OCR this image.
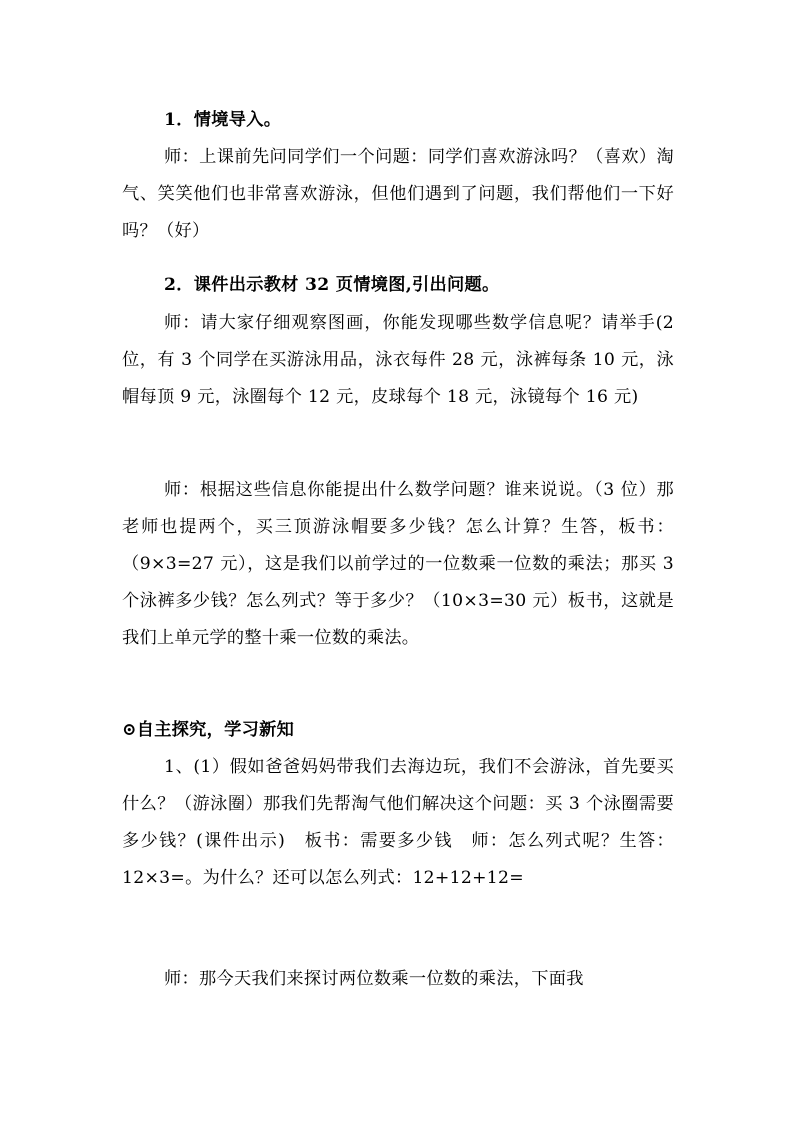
1．情境导入。

师：上课前先问同学们一个问题：同学们喜欢游泳吗？（喜欢）淘气、笑笑他们也非常喜欢游泳，但他们遇到了问题，我们帮他们一下好吗？（好）

2．课件出示教材 32 页情境图,引出问题。

师：请大家仔细观察图画，你能发现哪些数学信息呢？请举手(2 位，有 3 个同学在买游泳用品，泳衣每件 28 元，泳裤每条 10 元，泳帽每顶 9 元，泳圈每个 12 元，皮球每个 18 元，泳镜每个 16 元)

师：根据这些信息你能提出什么数学问题？谁来说说。（3 位）那老师也提两个，买三顶游泳帽要多少钱？怎么计算？生答，板书：（9×3=27 元），这是我们以前学过的一位数乘一位数的乘法；那买 3 个泳裤多少钱？怎么列式？等于多少？（10×3=30 元）板书，这就是我们上单元学的整十乘一位数的乘法。

⊙自主探究，学习新知

1、(1）假如爸爸妈妈带我们去海边玩，我们不会游泳，首先要买什么？（游泳圈）那我们先帮淘气他们解决这个问题：买 3 个泳圈需要多少钱？(课件出示)　板书：需要多少钱　师：怎么列式呢？生答：12×3=。为什么？还可以怎么列式：12+12+12=

师：那今天我们来探讨两位数乘一位数的乘法，下面我
